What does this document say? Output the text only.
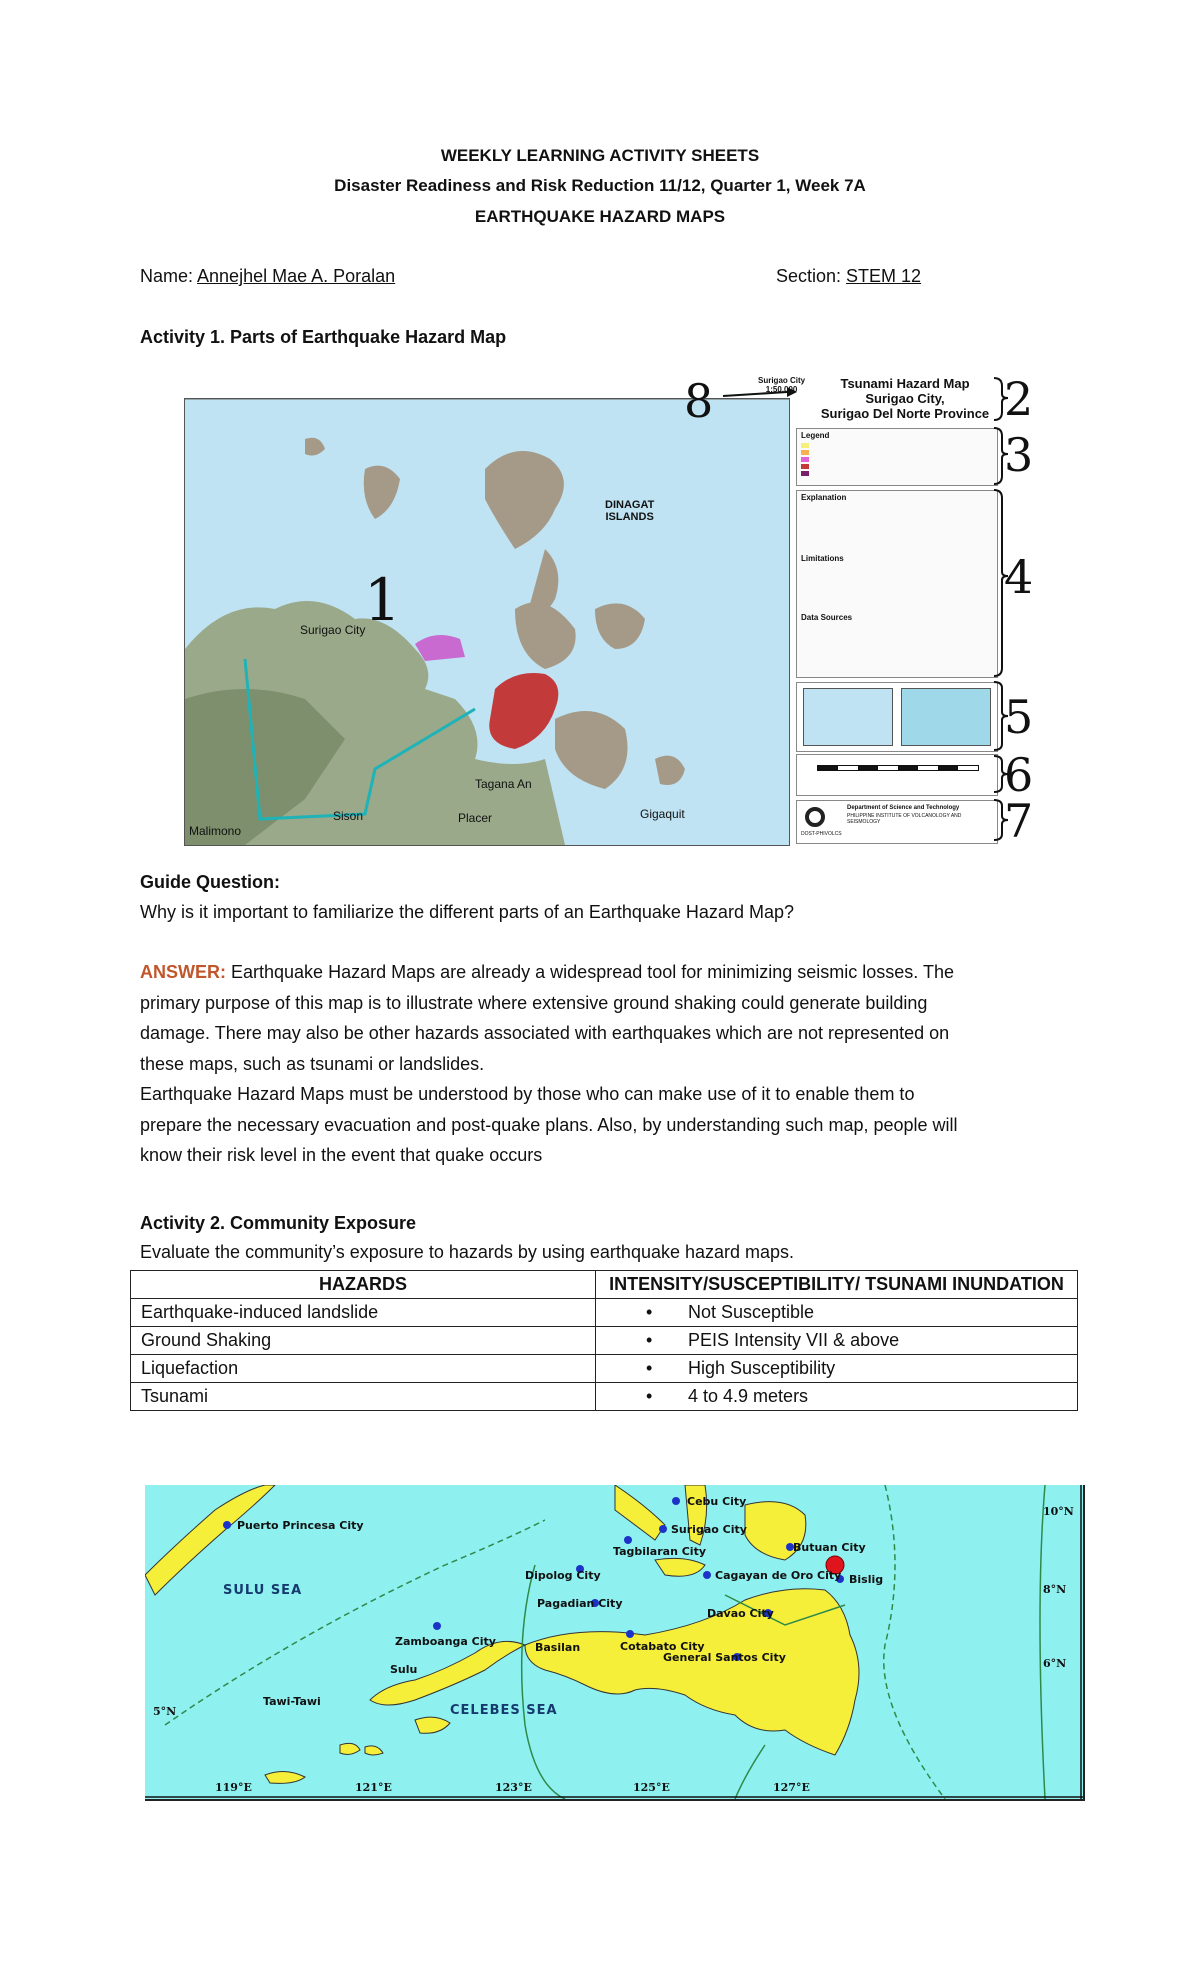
WEEKLY LEARNING ACTIVITY SHEETS
Disaster Readiness and Risk Reduction 11/12, Quarter 1, Week 7A
EARTHQUAKE HAZARD MAPS
Name: Annejhel Mae A. Poralan	Section: STEM 12
Activity 1. Parts of Earthquake Hazard Map
Surigao City
Tagana An
Sison	Placer
Malimono
Gigaquit
DINAGAT
ISLANDS
1
8	Surigao City
1:50,000	Tsunami Hazard Map
Surigao City,
Surigao Del Norte Province
Legend
Explanation
Limitations
Data Sources
DOST-PHIVOLCS
Department of Science and Technology
PHILIPPINE INSTITUTE OF VOLCANOLOGY AND SEISMOLOGY
2
3
4
5
6
7
Guide Question:
Why is it important to familiarize the different parts of an Earthquake Hazard Map?
ANSWER: Earthquake Hazard Maps are already a widespread tool for minimizing seismic losses. The
primary purpose of this map is to illustrate where extensive ground shaking could generate building
damage. There may also be other hazards associated with earthquakes which are not represented on
these maps, such as tsunami or landslides.
Earthquake Hazard Maps must be understood by those who can make use of it to enable them to
prepare the necessary evacuation and post-quake plans. Also, by understanding such map, people will
know their risk level in the event that quake occurs
Activity 2. Community Exposure
Evaluate the community’s exposure to hazards by using earthquake hazard maps.
HAZARDS	INTENSITY/SUSCEPTIBILITY/ TSUNAMI INUNDATION
Earthquake-induced landslide	• Not Susceptible
Ground Shaking	• PEIS Intensity VII & above
Liquefaction	• High Susceptibility
Tsunami	• 4 to 4.9 meters
Cebu City
Puerto Princesa City	Surigao City
Tagbilaran City	Butuan City
Dipolog City	Cagayan de Oro City Bislig
Pagadian City
Davao City
Zamboanga City	Cotabato City
Basilan
General Santos City
Sulu
Tawi-Tawi
SULU SEA
CELEBES SEA
10°N
8°N
6°N
5°N
119°E	121°E	123°E	125°E	127°E
